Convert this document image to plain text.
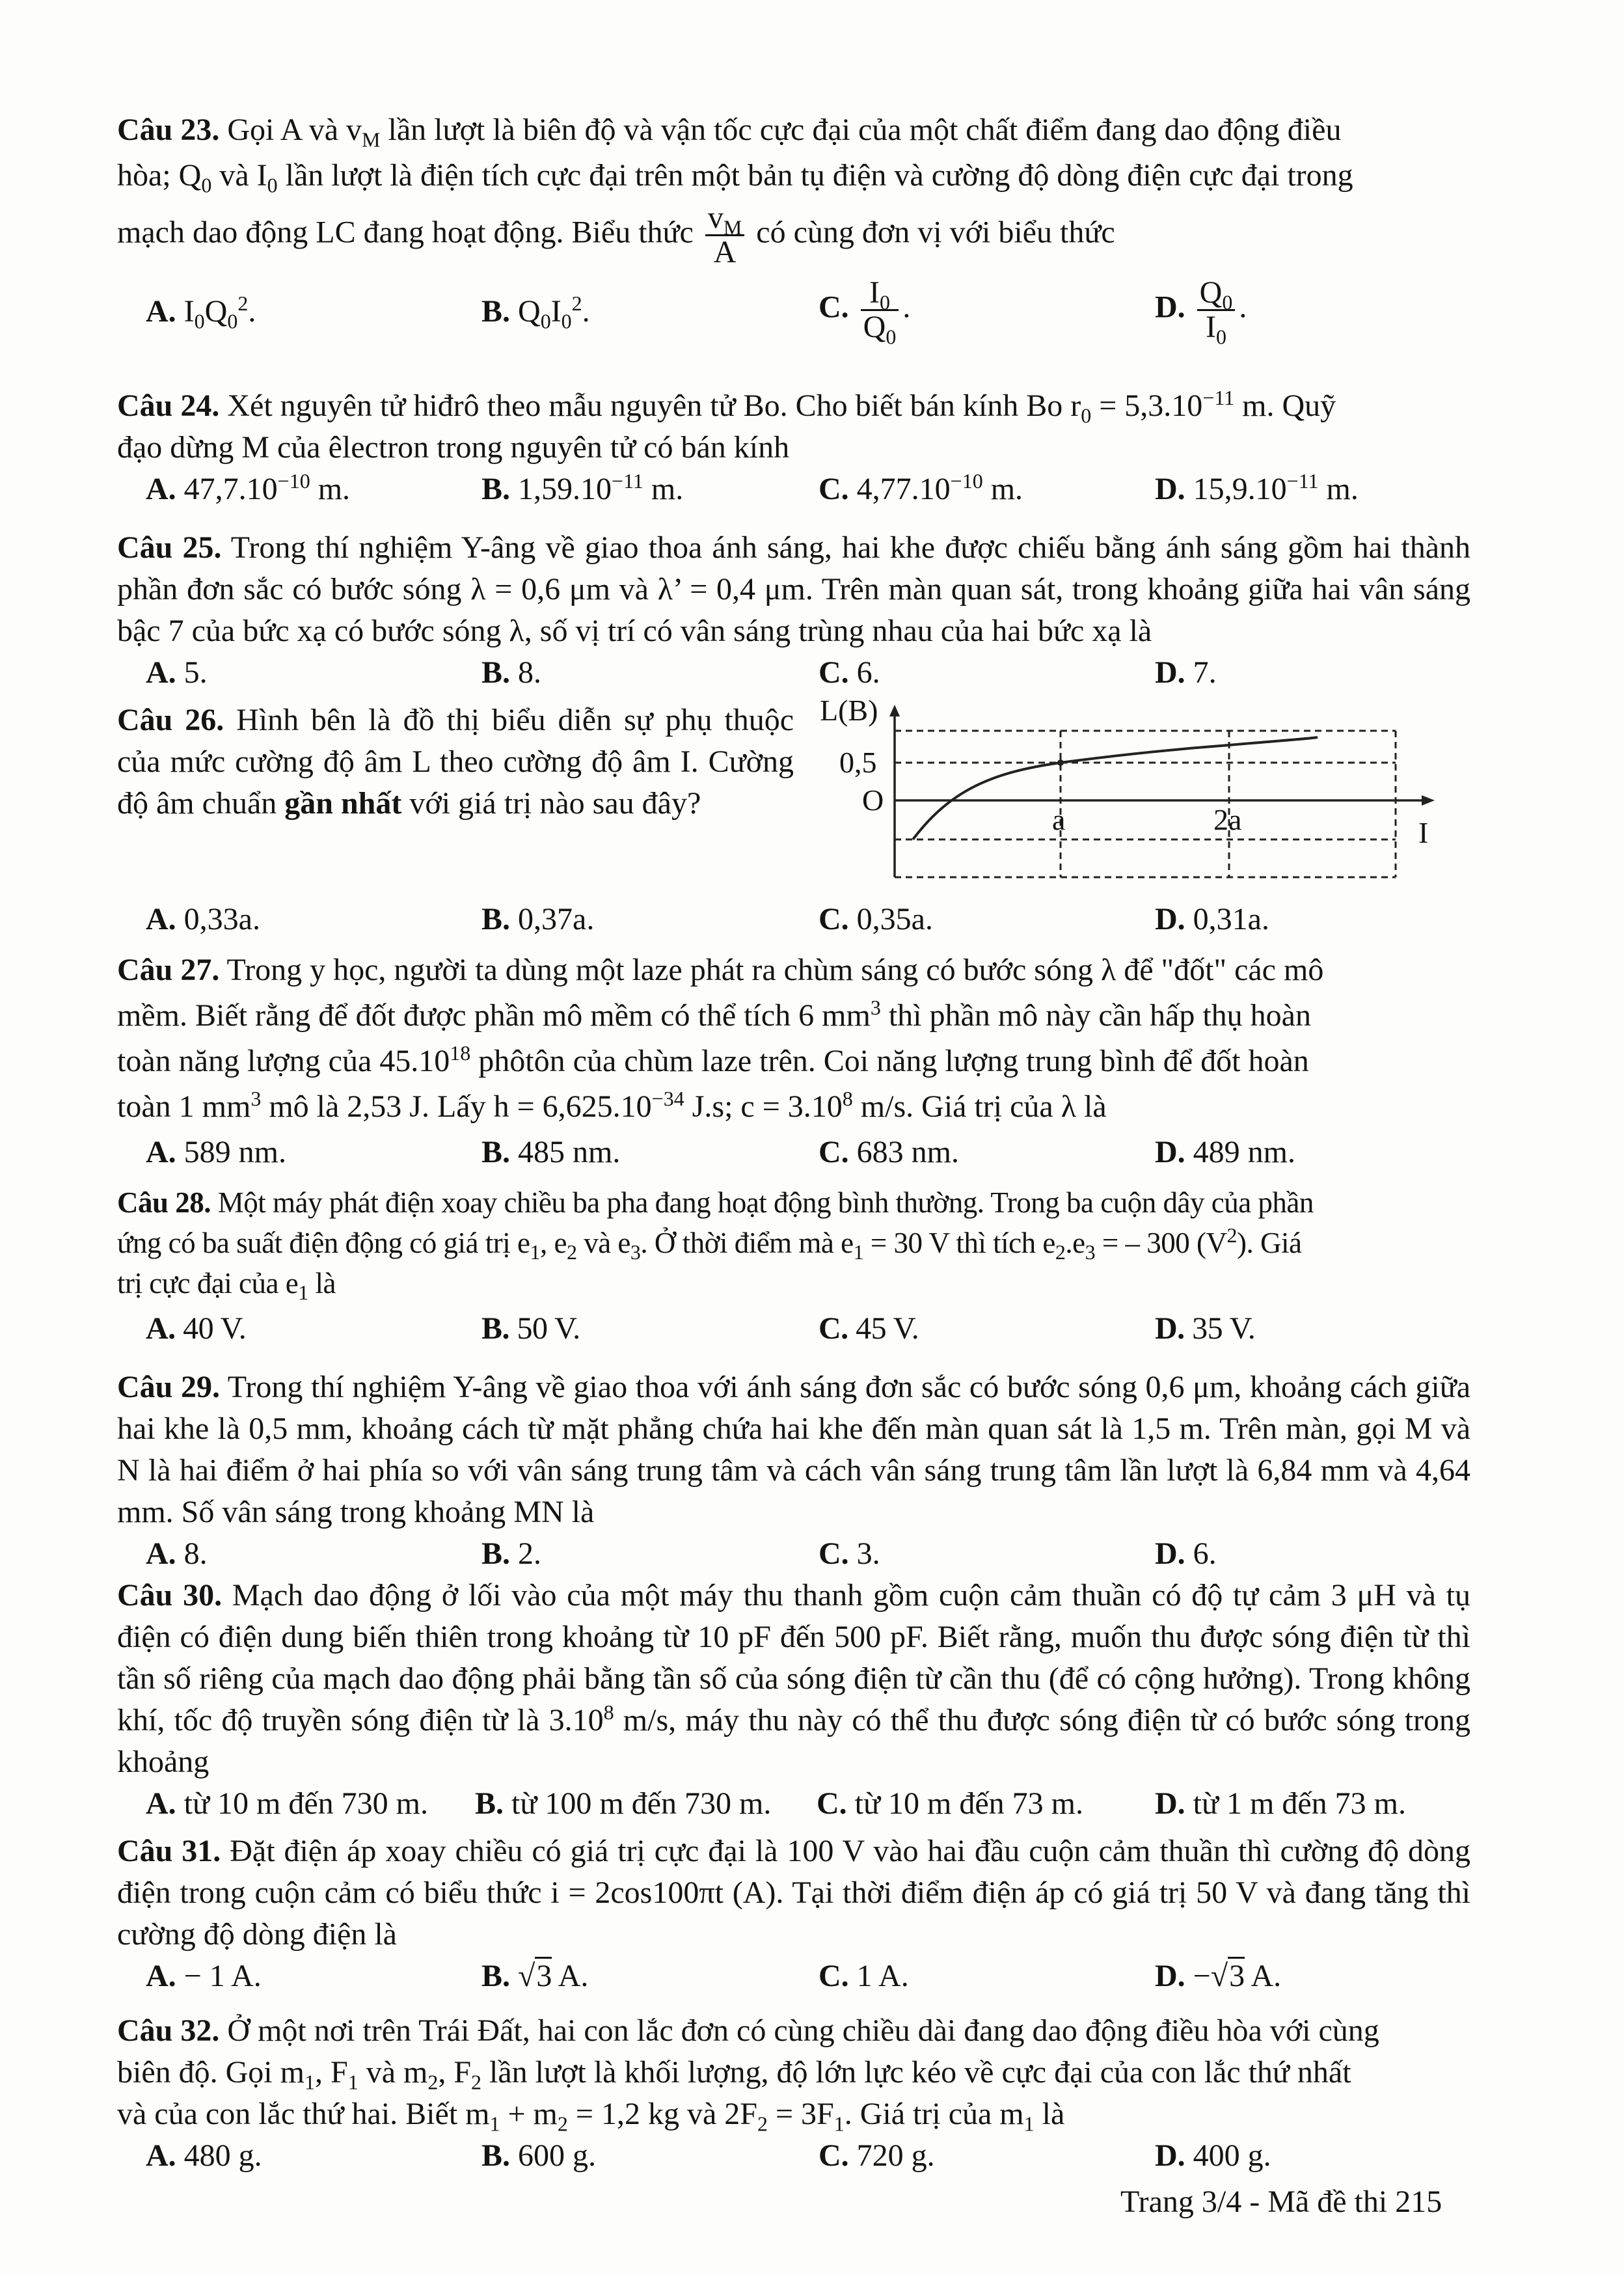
Câu 23. Gọi A và $v_M$ lần lượt là biên độ và vận tốc cực đại của một chất điểm đang dao động điều
hòa; $Q_0$ và $I_0$ lần lượt là điện tích cực đại trên một bản tụ điện và cường độ dòng điện cực đại trong
mạch dao động LC đang hoạt động. Biểu thức $\frac{v_M}{A}$ có cùng đơn vị với biểu thức
A. $I_0Q_0^2$.	B. $Q_0I_0^2$.	C. $\frac{I_0}{Q_0}$ .	D. $\frac{Q_0}{I_0}$ .
Câu 24. Xét nguyên tử hiđrô theo mẫu nguyên tử Bo. Cho biết bán kính Bo $r_0 = 5,3.10^{-11}$ m. Quỹ
đạo dừng M của êlectron trong nguyên tử có bán kính
A. $47,7.10^{-10}$ m.	B. $1,59.10^{-11}$ m.	C. $4,77.10^{-10}$ m.	D. $15,9.10^{-11}$ m.
Câu 25. Trong thí nghiệm Y-âng về giao thoa ánh sáng, hai khe được chiếu bằng ánh sáng gồm hai thành phần đơn sắc có bước sóng λ = 0,6 μm và λ’ = 0,4 μm. Trên màn quan sát, trong khoảng giữa hai vân sáng bậc 7 của bức xạ có bước sóng λ, số vị trí có vân sáng trùng nhau của hai bức xạ là
A. 5.	B. 8.	C. 6.	D. 7.
Câu 26. Hình bên là đồ thị biểu diễn sự phụ thuộc của mức cường độ âm L theo cường độ âm I. Cường độ âm chuẩn gần nhất với giá trị nào sau đây?
L(B)
0,5
O
a	2a	I
A. 0,33a.	B. 0,37a.	C. 0,35a.	D. 0,31a.
Câu 27. Trong y học, người ta dùng một laze phát ra chùm sáng có bước sóng λ để "đốt" các mô
mềm. Biết rằng để đốt được phần mô mềm có thể tích 6 $mm^3$ thì phần mô này cần hấp thụ hoàn
toàn năng lượng của 45.10$^{18}$ phôtôn của chùm laze trên. Coi năng lượng trung bình để đốt hoàn
toàn 1 $mm^3$ mô là 2,53 J. Lấy $h = 6,625.10^{-34}$ J.s; $c = 3.10^8$ m/s. Giá trị của λ là
A. 589 nm.	B. 485 nm.	C. 683 nm.	D. 489 nm.
Câu 28. Một máy phát điện xoay chiều ba pha đang hoạt động bình thường. Trong ba cuộn dây của phần
ứng có ba suất điện động có giá trị $e_1$, $e_2$ và $e_3$. Ở thời điểm mà $e_1 = 30$ V thì tích $e_2.e_3$ = – 300 $(V^2)$. Giá
trị cực đại của $e_1$ là
A. 40 V.	B. 50 V.	C. 45 V.	D. 35 V.
Câu 29. Trong thí nghiệm Y-âng về giao thoa với ánh sáng đơn sắc có bước sóng 0,6 μm, khoảng cách giữa hai khe là 0,5 mm, khoảng cách từ mặt phẳng chứa hai khe đến màn quan sát là 1,5 m. Trên màn, gọi M và N là hai điểm ở hai phía so với vân sáng trung tâm và cách vân sáng trung tâm lần lượt là 6,84 mm và 4,64 mm. Số vân sáng trong khoảng MN là
A. 8.	B. 2.	C. 3.	D. 6.
Câu 30. Mạch dao động ở lối vào của một máy thu thanh gồm cuộn cảm thuần có độ tự cảm 3 μH và tụ điện có điện dung biến thiên trong khoảng từ 10 pF đến 500 pF. Biết rằng, muốn thu được sóng điện từ thì tần số riêng của mạch dao động phải bằng tần số của sóng điện từ cần thu (để có cộng hưởng). Trong không khí, tốc độ truyền sóng điện từ là 3.10$^8$ m/s, máy thu này có thể thu được sóng điện từ có bước sóng trong khoảng
A. từ 10 m đến 730 m. B. từ 100 m đến 730 m. C. từ 10 m đến 73 m. D. từ 1 m đến 73 m.
Câu 31. Đặt điện áp xoay chiều có giá trị cực đại là 100 V vào hai đầu cuộn cảm thuần thì cường độ dòng điện trong cuộn cảm có biểu thức i = 2cos100πt (A). Tại thời điểm điện áp có giá trị 50 V và đang tăng thì cường độ dòng điện là
A. − 1 A.	B. √3 A.	C. 1 A.	D. −√3 A.
Câu 32. Ở một nơi trên Trái Đất, hai con lắc đơn có cùng chiều dài đang dao động điều hòa với cùng
biên độ. Gọi $m_1$, $F_1$ và $m_2$, $F_2$ lần lượt là khối lượng, độ lớn lực kéo về cực đại của con lắc thứ nhất
và của con lắc thứ hai. Biết $m_1 + m_2 = 1,2$ kg và $2F_2 = 3F_1$. Giá trị của $m_1$ là
A. 480 g.	B. 600 g.	C. 720 g.	D. 400 g.
Trang 3/4 - Mã đề thi 215
